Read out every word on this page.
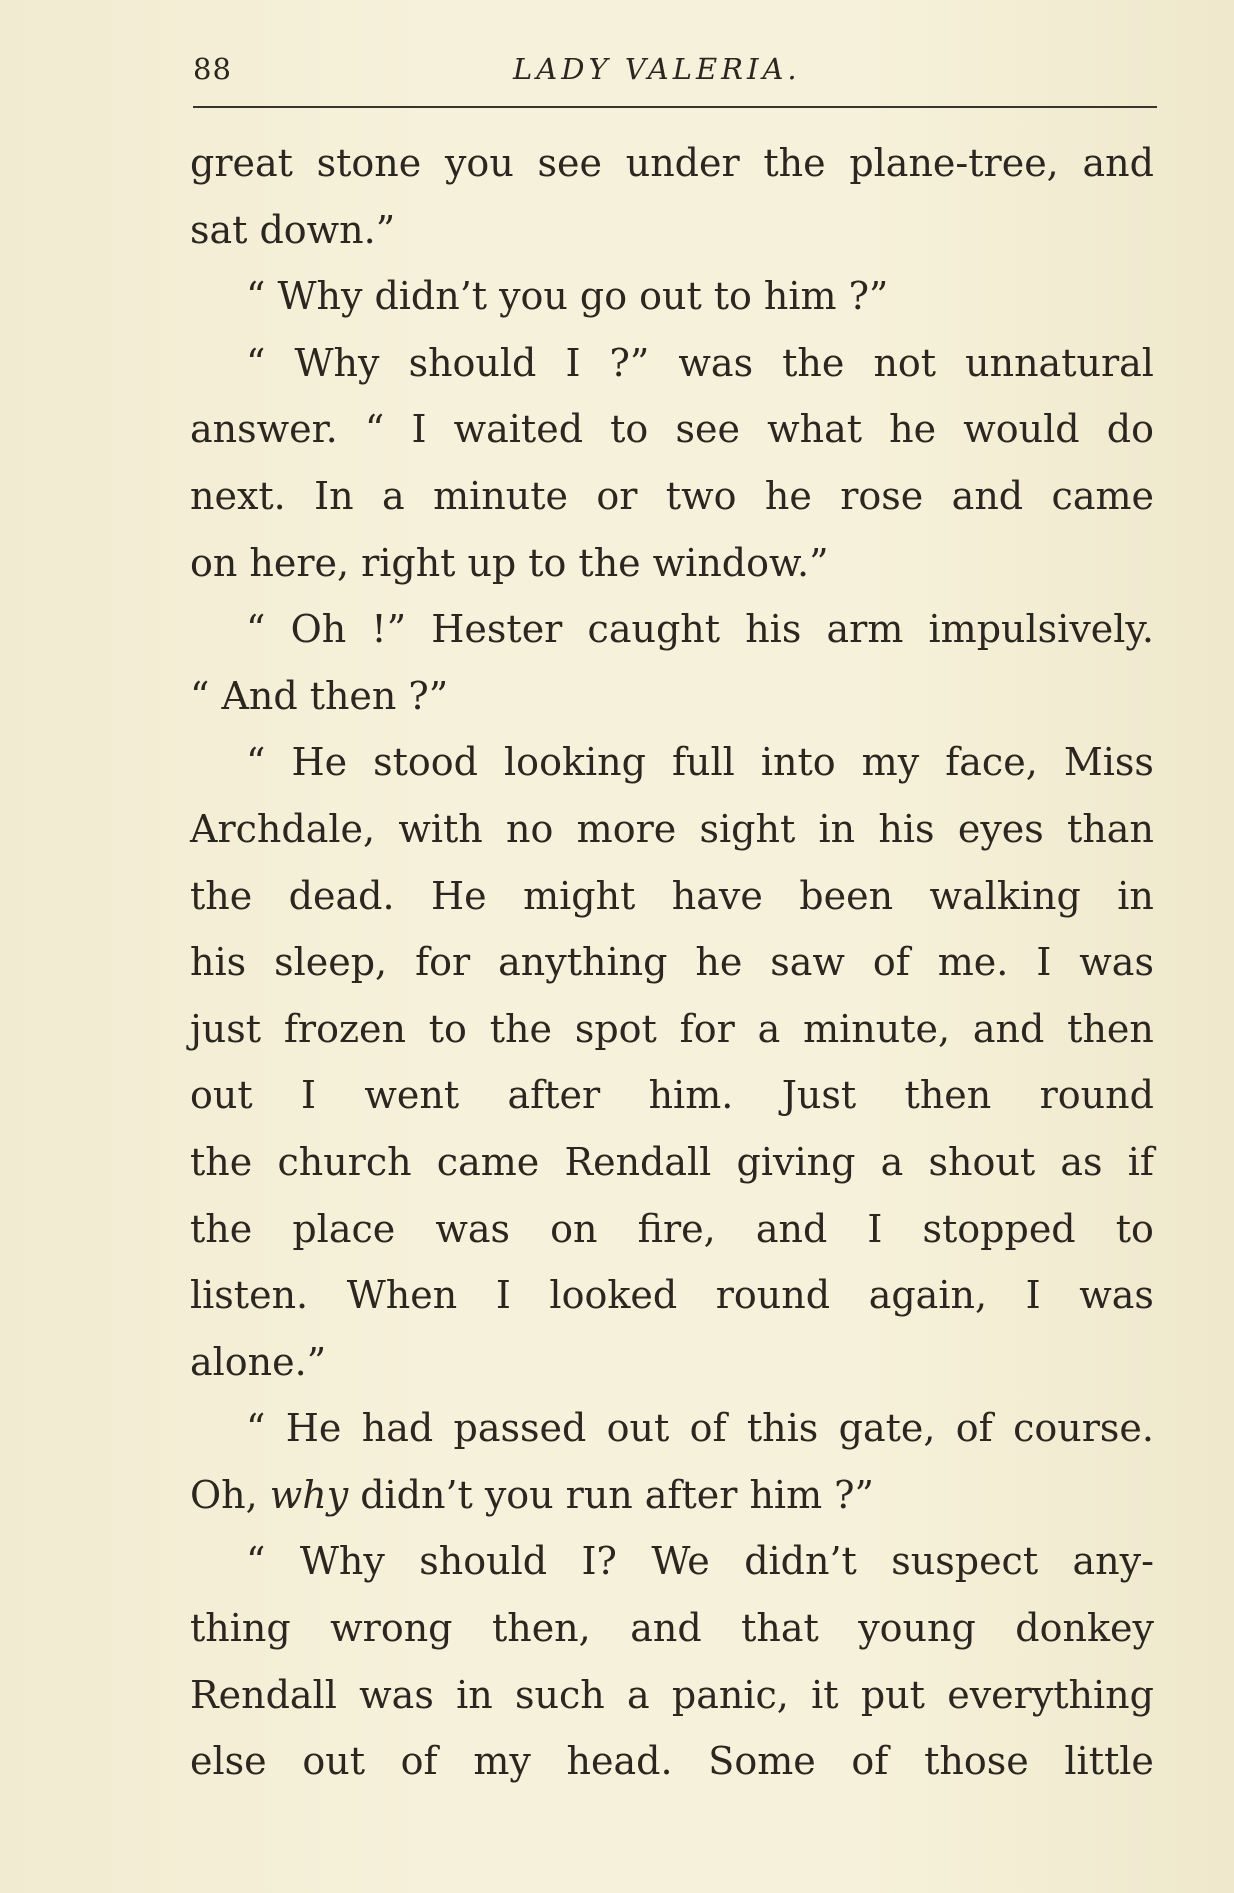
88	LADY VALERIA.
great stone you see under the plane-tree, and
sat down.”
“ Why didn’t you go out to him ?”
“ Why should I ?” was the not unnatural
answer. “ I waited to see what he would do
next. In a minute or two he rose and came
on here, right up to the window.”
“ Oh !” Hester caught his arm impulsively.
“ And then ?”
“ He stood looking full into my face, Miss
Archdale, with no more sight in his eyes than
the dead. He might have been walking in
his sleep, for anything he saw of me. I was
just frozen to the spot for a minute, and then
out I went after him. Just then round
the church came Rendall giving a shout as if
the place was on fire, and I stopped to
listen. When I looked round again, I was
alone.”
“ He had passed out of this gate, of course.
Oh, why didn’t you run after him ?”
“ Why should I? We didn’t suspect any-
thing wrong then, and that young donkey
Rendall was in such a panic, it put everything
else out of my head. Some of those little
